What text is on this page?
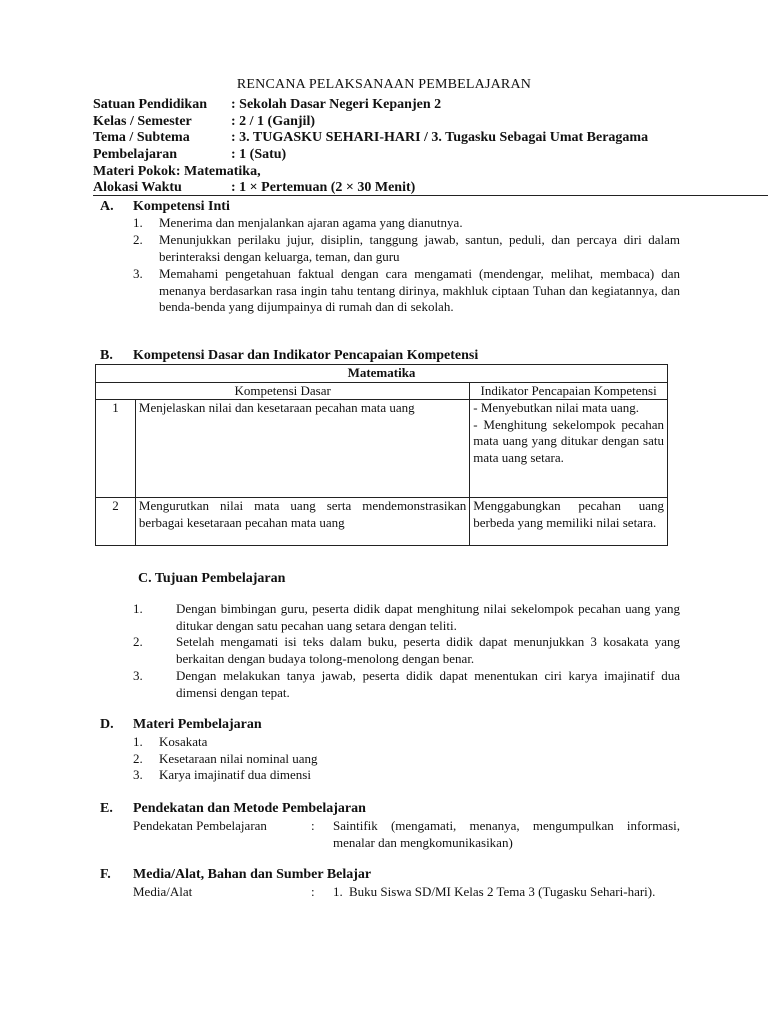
RENCANA PELAKSANAAN PEMBELAJARAN
Satuan Pendidikan : Sekolah Dasar Negeri Kepanjen 2
Kelas / Semester	: 2 / 1 (Ganjil)
Tema / Subtema	: 3. TUGASKU SEHARI-HARI / 3. Tugasku Sebagai Umat Beragama
Pembelajaran	: 1 (Satu)
Materi Pokok: Matematika,
Alokasi Waktu	: 1 × Pertemuan (2 × 30 Menit)
A. Kompetensi Inti
1. Menerima dan menjalankan ajaran agama yang dianutnya.
2. Menunjukkan perilaku jujur, disiplin, tanggung jawab, santun, peduli, dan percaya diri dalam berinteraksi dengan keluarga, teman, dan guru
3. Memahami pengetahuan faktual dengan cara mengamati (mendengar, melihat, membaca) dan menanya berdasarkan rasa ingin tahu tentang dirinya, makhluk ciptaan Tuhan dan kegiatannya, dan benda-benda yang dijumpainya di rumah dan di sekolah.
B. Kompetensi Dasar dan Indikator Pencapaian Kompetensi
Matematika		
Kompetensi Dasar		Indikator Pencapaian Kompetensi
1	Menjelaskan nilai dan kesetaraan pecahan mata uang	- Menyebutkan nilai mata uang.
- Menghitung sekelompok pecahan mata uang yang ditukar dengan satu mata uang setara.

2	Mengurutkan nilai mata uang serta mendemonstrasikan berbagai kesetaraan pecahan mata uang	Menggabungkan pecahan uang berbeda yang memiliki nilai setara.
C. Tujuan Pembelajaran
1.	Dengan bimbingan guru, peserta didik dapat menghitung nilai sekelompok pecahan uang yang ditukar dengan satu pecahan uang setara dengan teliti.
2.	Setelah mengamati isi teks dalam buku, peserta didik dapat menunjukkan 3 kosakata yang berkaitan dengan budaya tolong-menolong dengan benar.
3.	Dengan melakukan tanya jawab, peserta didik dapat menentukan ciri karya imajinatif dua dimensi dengan tepat.
D. Materi Pembelajaran
1. Kosakata
2. Kesetaraan nilai nominal uang
3. Karya imajinatif dua dimensi
E. Pendekatan dan Metode Pembelajaran
Pendekatan Pembelajaran	: Saintifik (mengamati, menanya, mengumpulkan informasi, menalar dan mengkomunikasikan)
F. Media/Alat, Bahan dan Sumber Belajar
Media/Alat	: 1. Buku Siswa SD/MI Kelas 2 Tema 3 (Tugasku Sehari-hari).
